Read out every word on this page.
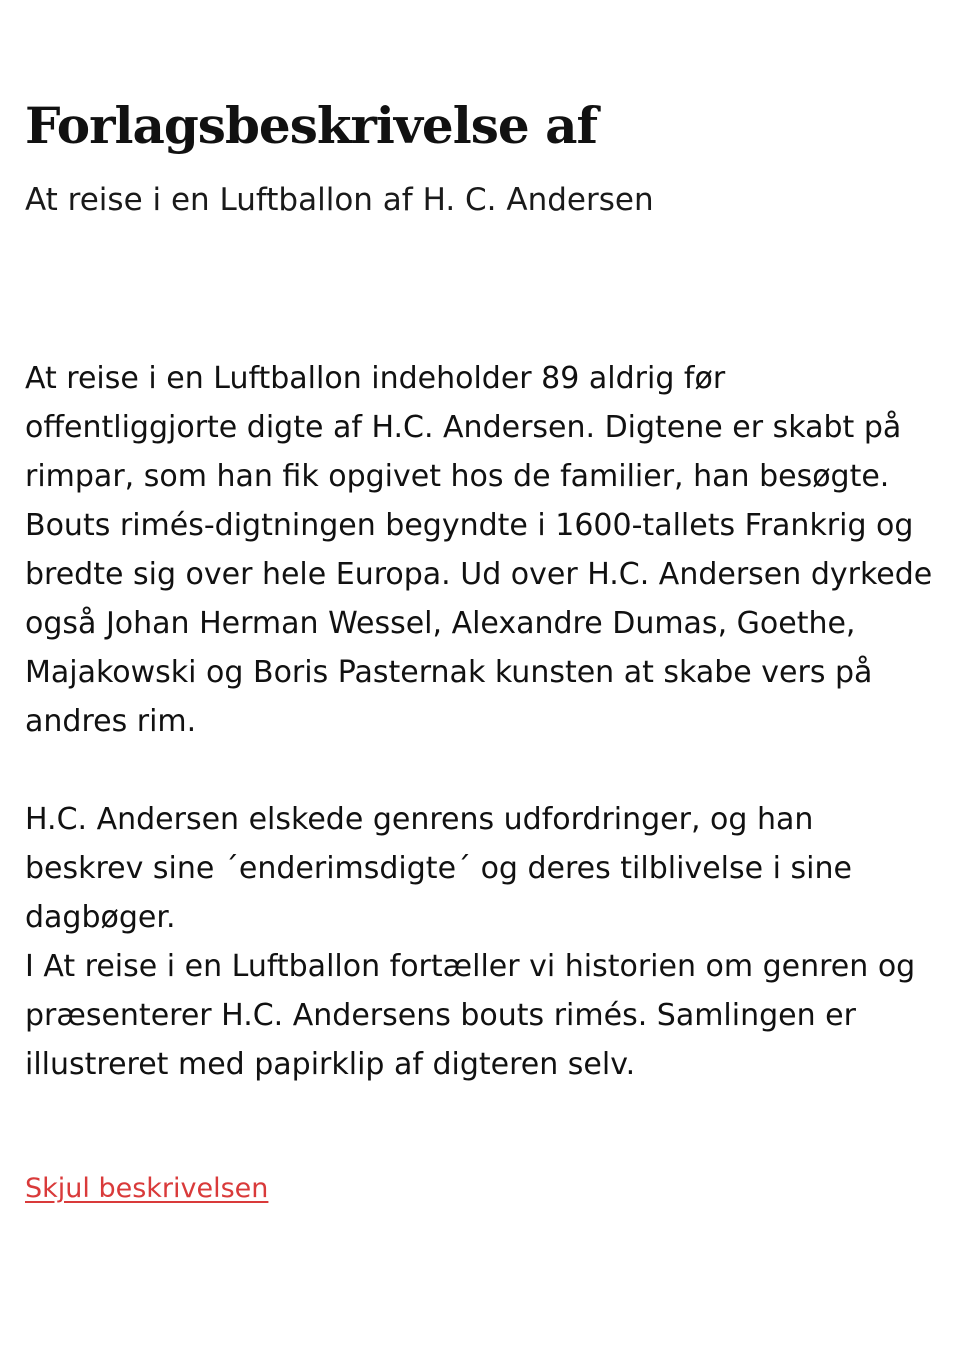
Forlagsbeskrivelse af
At reise i en Luftballon af H. C. Andersen

At reise i en Luftballon indeholder 89 aldrig før offentliggjorte digte af H.C. Andersen. Digtene er skabt på rimpar, som han fik opgivet hos de familier, han besøgte.

Bouts rimés-digtningen begyndte i 1600-tallets Frankrig og bredte sig over hele Europa. Ud over H.C. Andersen dyrkede også Johan Herman Wessel, Alexandre Dumas, Goethe, Majakowski og Boris Pasternak kunsten at skabe vers på andres rim.

H.C. Andersen elskede genrens udfordringer, og han beskrev sine ´enderimsdigte´ og deres tilblivelse i sine dagbøger.

I At reise i en Luftballon fortæller vi historien om genren og præsenterer H.C. Andersens bouts rimés. Samlingen er illustreret med papirklip af digteren selv.

Skjul beskrivelsen
